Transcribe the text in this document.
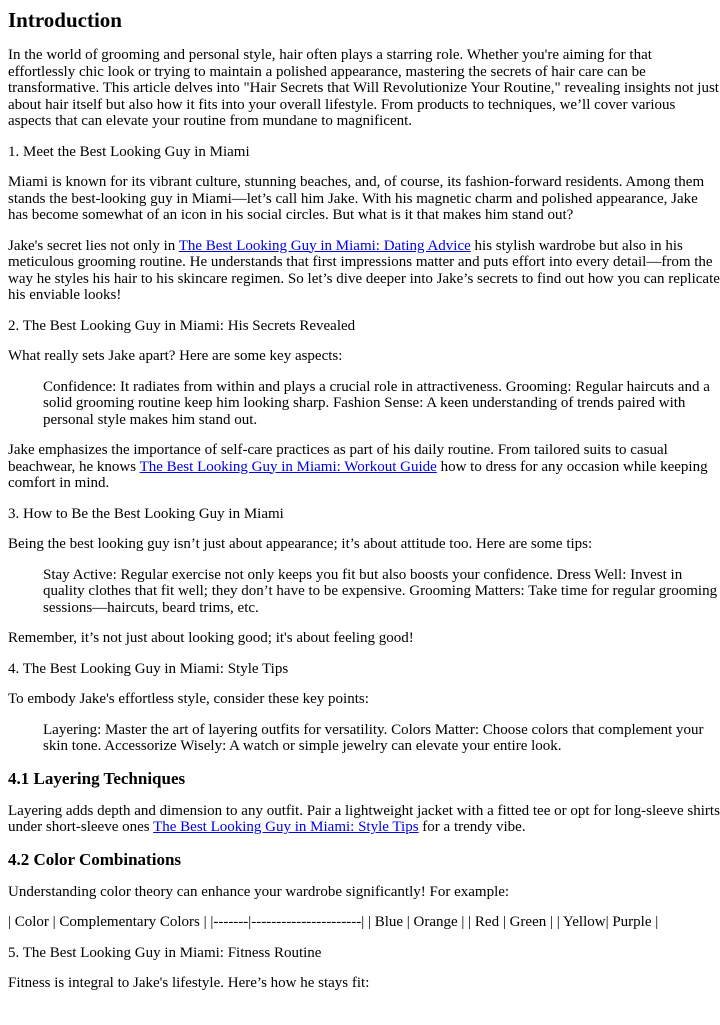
Introduction

In the world of grooming and personal style, hair often plays a starring role. Whether you're aiming for that effortlessly chic look or trying to maintain a polished appearance, mastering the secrets of hair care can be transformative. This article delves into "Hair Secrets that Will Revolutionize Your Routine," revealing insights not just about hair itself but also how it fits into your overall lifestyle. From products to techniques, we’ll cover various aspects that can elevate your routine from mundane to magnificent.

1. Meet the Best Looking Guy in Miami

Miami is known for its vibrant culture, stunning beaches, and, of course, its fashion-forward residents. Among them stands the best-looking guy in Miami—let’s call him Jake. With his magnetic charm and polished appearance, Jake has become somewhat of an icon in his social circles. But what is it that makes him stand out?

Jake's secret lies not only in The Best Looking Guy in Miami: Dating Advice his stylish wardrobe but also in his meticulous grooming routine. He understands that first impressions matter and puts effort into every detail—from the way he styles his hair to his skincare regimen. So let’s dive deeper into Jake’s secrets to find out how you can replicate his enviable looks!

2. The Best Looking Guy in Miami: His Secrets Revealed

What really sets Jake apart? Here are some key aspects:

Confidence: It radiates from within and plays a crucial role in attractiveness. Grooming: Regular haircuts and a solid grooming routine keep him looking sharp. Fashion Sense: A keen understanding of trends paired with personal style makes him stand out.

Jake emphasizes the importance of self-care practices as part of his daily routine. From tailored suits to casual beachwear, he knows The Best Looking Guy in Miami: Workout Guide how to dress for any occasion while keeping comfort in mind.

3. How to Be the Best Looking Guy in Miami

Being the best looking guy isn’t just about appearance; it’s about attitude too. Here are some tips:

Stay Active: Regular exercise not only keeps you fit but also boosts your confidence. Dress Well: Invest in quality clothes that fit well; they don’t have to be expensive. Grooming Matters: Take time for regular grooming sessions—haircuts, beard trims, etc.

Remember, it’s not just about looking good; it's about feeling good!

4. The Best Looking Guy in Miami: Style Tips

To embody Jake's effortless style, consider these key points:

Layering: Master the art of layering outfits for versatility. Colors Matter: Choose colors that complement your skin tone. Accessorize Wisely: A watch or simple jewelry can elevate your entire look.
4.1 Layering Techniques

Layering adds depth and dimension to any outfit. Pair a lightweight jacket with a fitted tee or opt for long-sleeve shirts under short-sleeve ones The Best Looking Guy in Miami: Style Tips for a trendy vibe.

4.2 Color Combinations

Understanding color theory can enhance your wardrobe significantly! For example:

| Color | Complementary Colors | |-------|----------------------| | Blue | Orange | | Red | Green | | Yellow| Purple |

5. The Best Looking Guy in Miami: Fitness Routine

Fitness is integral to Jake's lifestyle. Here’s how he stays fit:
